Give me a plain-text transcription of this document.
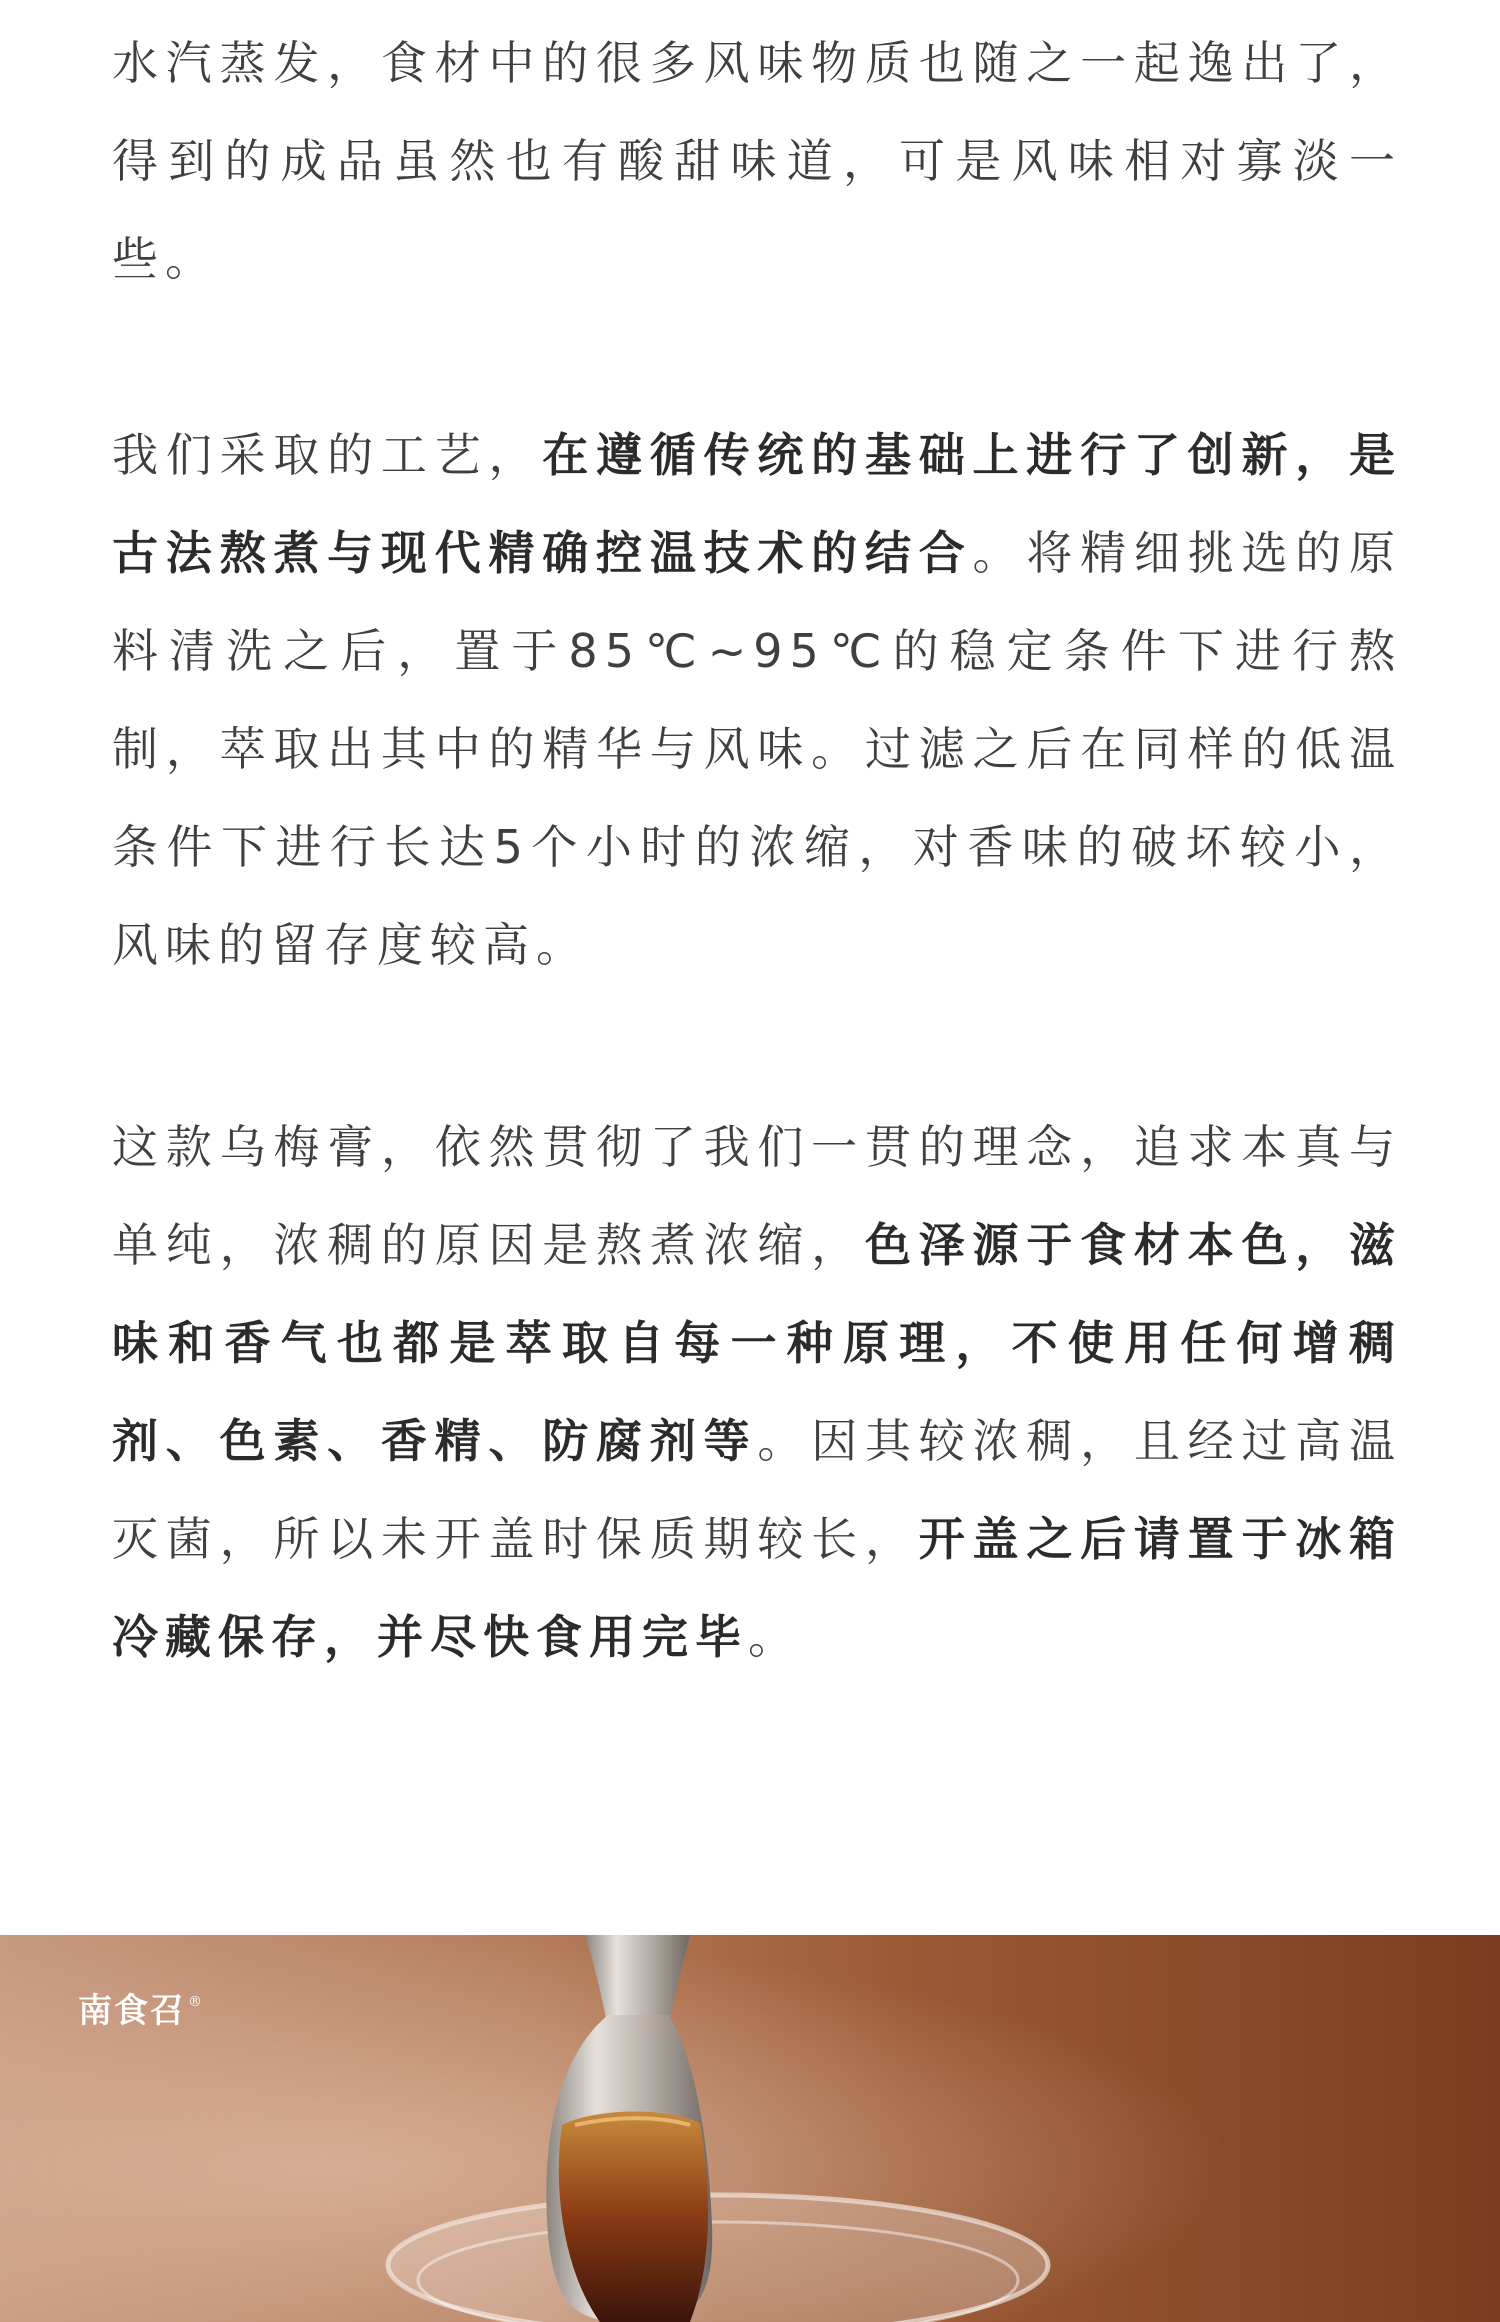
水汽蒸发，食材中的很多风味物质也随之一起逸出了，得到的成品虽然也有酸甜味道，可是风味相对寡淡一些。

我们采取的工艺，在遵循传统的基础上进行了创新，是古法熬煮与现代精确控温技术的结合。将精细挑选的原料清洗之后，置于85℃~95℃的稳定条件下进行熬制，萃取出其中的精华与风味。过滤之后在同样的低温条件下进行长达5个小时的浓缩，对香味的破坏较小，风味的留存度较高。

这款乌梅膏，依然贯彻了我们一贯的理念，追求本真与单纯，浓稠的原因是熬煮浓缩，色泽源于食材本色，滋味和香气也都是萃取自每一种原理，不使用任何增稠剂、色素、香精、防腐剂等。因其较浓稠，且经过高温灭菌，所以未开盖时保质期较长，开盖之后请置于冰箱冷藏保存，并尽快食用完毕。

南食召 ®
